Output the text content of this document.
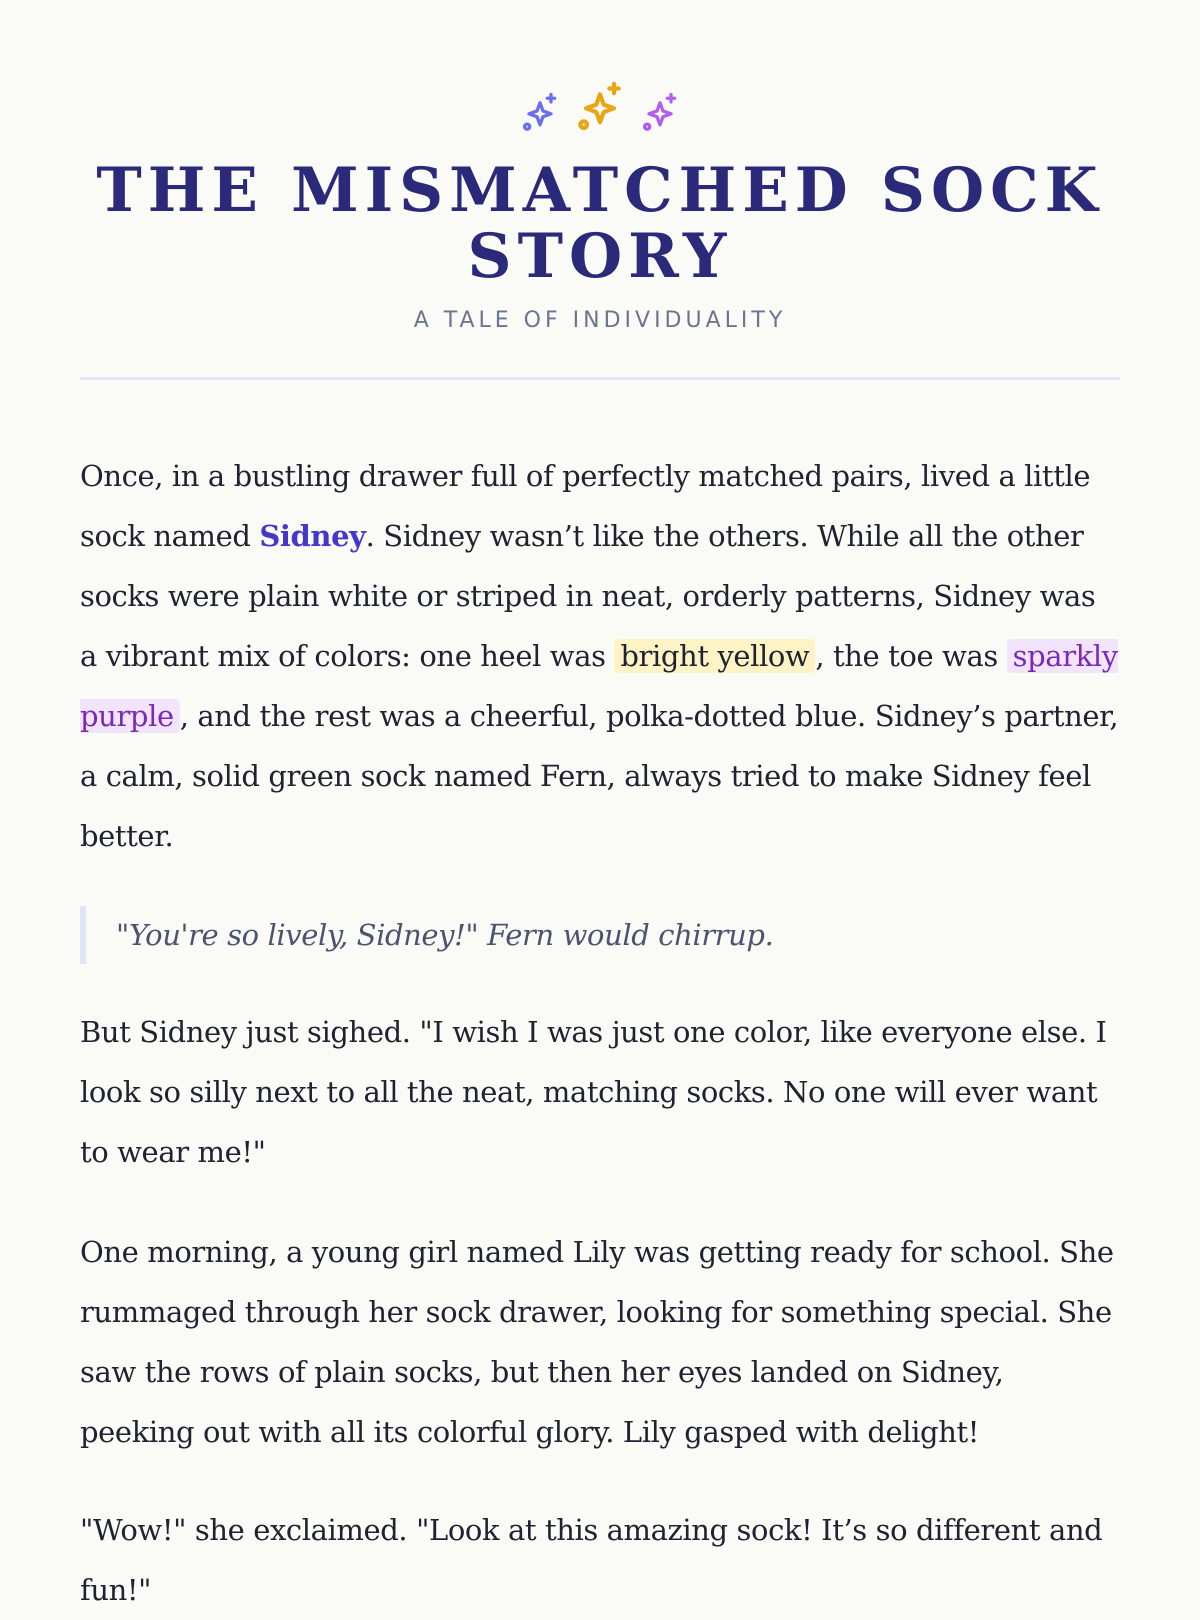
THE MISMATCHED SOCK STORY
A TALE OF INDIVIDUALITY

Once, in a bustling drawer full of perfectly matched pairs, lived a little sock named Sidney. Sidney wasn’t like the others. While all the other socks were plain white or striped in neat, orderly patterns, Sidney was a vibrant mix of colors: one heel was bright yellow , the toe was sparkly purple , and the rest was a cheerful, polka-dotted blue. Sidney’s partner, a calm, solid green sock named Fern, always tried to make Sidney feel better.

"You're so lively, Sidney!" Fern would chirrup.

But Sidney just sighed. "I wish I was just one color, like everyone else. I look so silly next to all the neat, matching socks. No one will ever want to wear me!"

One morning, a young girl named Lily was getting ready for school. She rummaged through her sock drawer, looking for something special. She saw the rows of plain socks, but then her eyes landed on Sidney, peeking out with all its colorful glory. Lily gasped with delight!

"Wow!" she exclaimed. "Look at this amazing sock! It’s so different and fun!"
